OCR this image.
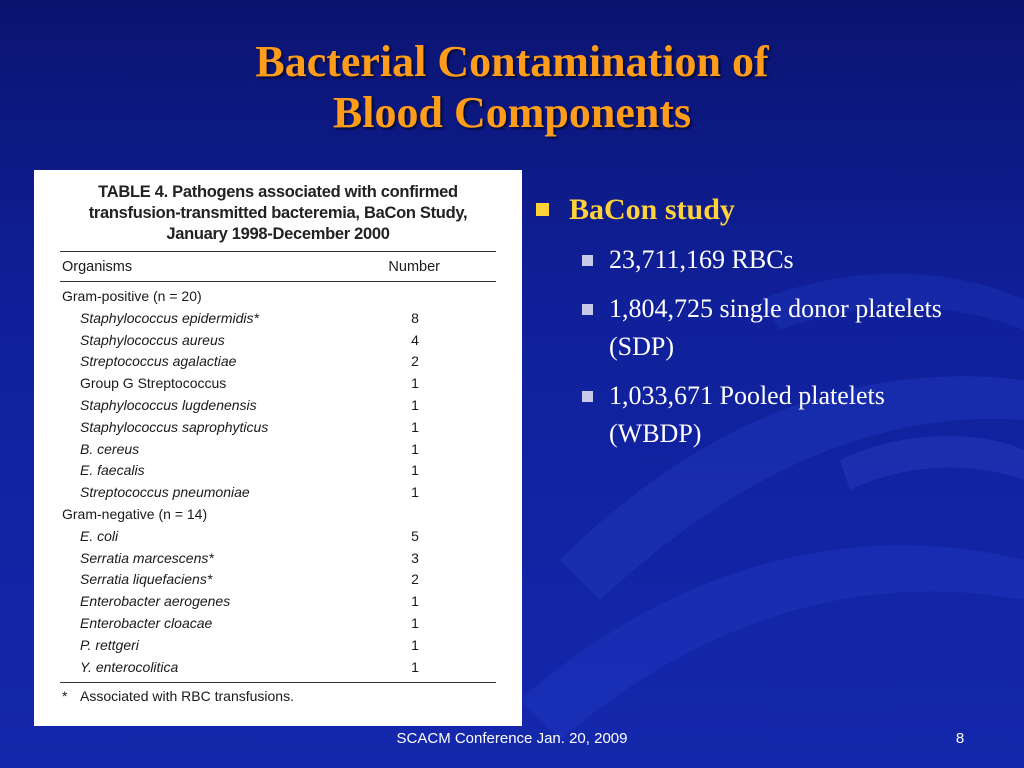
Bacterial Contamination of
Blood Components
TABLE 4. Pathogens associated with confirmed
transfusion-transmitted bacteremia, BaCon Study,
January 1998-December 2000
Organisms	Number
Gram-positive (n = 20)
Staphylococcus epidermidis*	8
Staphylococcus aureus	4
Streptococcus agalactiae	2
Group G Streptococcus	1
Staphylococcus lugdenensis	1
Staphylococcus saprophyticus	1
B. cereus	1
E. faecalis	1
Streptococcus pneumoniae	1
Gram-negative (n = 14)
E. coli	5
Serratia marcescens*	3
Serratia liquefaciens*	2
Enterobacter aerogenes	1
Enterobacter cloacae	1
P. rettgeri	1
Y. enterocolitica	1
* Associated with RBC transfusions.
BaCon study
23,711,169 RBCs
1,804,725 single donor platelets (SDP)
1,033,671 Pooled platelets (WBDP)
SCACM Conference Jan. 20, 2009	8
